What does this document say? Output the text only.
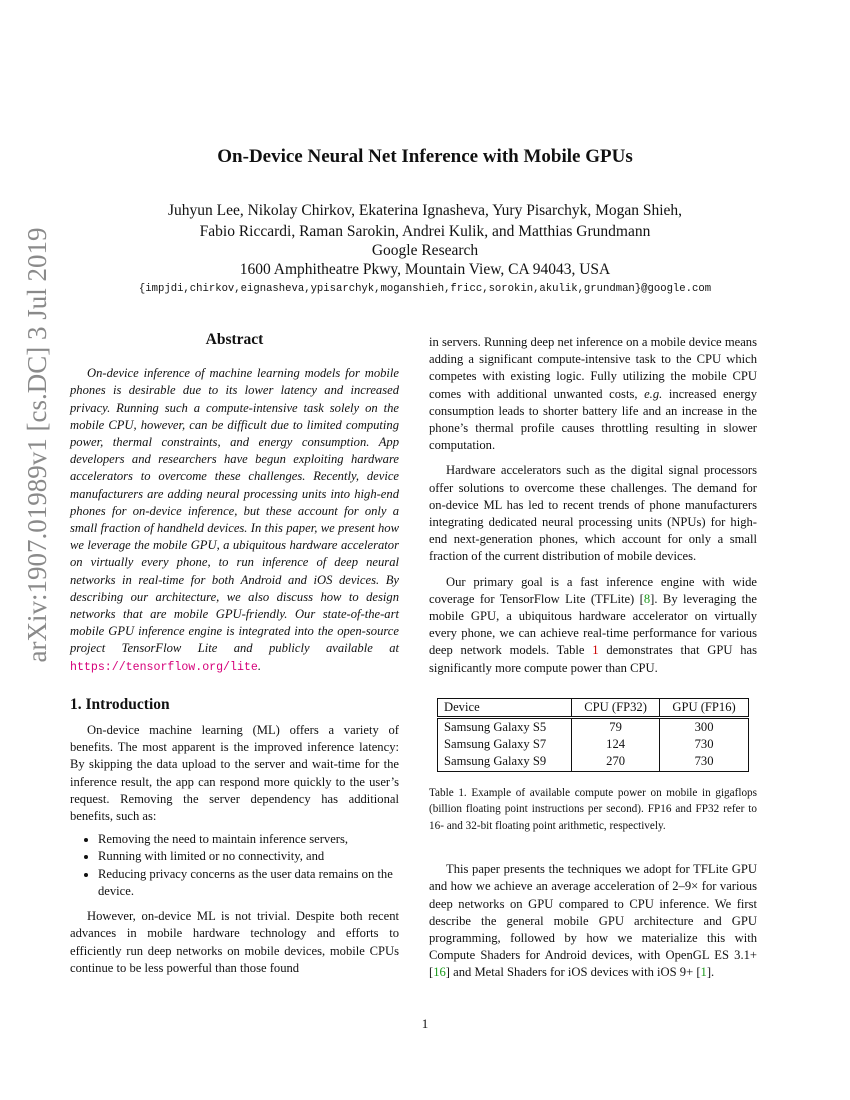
arXiv:1907.01989v1 [cs.DC] 3 Jul 2019
On-Device Neural Net Inference with Mobile GPUs
Juhyun Lee, Nikolay Chirkov, Ekaterina Ignasheva, Yury Pisarchyk, Mogan Shieh,
Fabio Riccardi, Raman Sarokin, Andrei Kulik, and Matthias Grundmann
Google Research
1600 Amphitheatre Pkwy, Mountain View, CA 94043, USA
{impjdi,chirkov,eignasheva,ypisarchyk,moganshieh,fricc,sorokin,akulik,grundman}@google.com
Abstract

On-device inference of machine learning models for mobile phones is desirable due to its lower latency and increased privacy. Running such a compute-intensive task solely on the mobile CPU, however, can be difficult due to limited computing power, thermal constraints, and energy consumption. App developers and researchers have begun exploiting hardware accelerators to overcome these challenges. Recently, device manufacturers are adding neural processing units into high-end phones for on-device inference, but these account for only a small fraction of handheld devices. In this paper, we present how we leverage the mobile GPU, a ubiquitous hardware accelerator on virtually every phone, to run inference of deep neural networks in real-time for both Android and iOS devices. By describing our architecture, we also discuss how to design networks that are mobile GPU-friendly. Our state-of-the-art mobile GPU inference engine is integrated into the open-source project TensorFlow Lite and publicly available at https://tensorflow.org/lite.

1. Introduction

On-device machine learning (ML) offers a variety of benefits. The most apparent is the improved inference latency: By skipping the data upload to the server and wait-time for the inference result, the app can respond more quickly to the user’s request. Removing the server dependency has additional benefits, such as:

• Removing the need to maintain inference servers,
• Running with limited or no connectivity, and
• Reducing privacy concerns as the user data remains on the device.

However, on-device ML is not trivial. Despite both recent advances in mobile hardware technology and efforts to efficiently run deep networks on mobile devices, mobile CPUs continue to be less powerful than those found

in servers. Running deep net inference on a mobile device means adding a significant compute-intensive task to the CPU which competes with existing logic. Fully utilizing the mobile CPU comes with additional unwanted costs, e.g. increased energy consumption leads to shorter battery life and an increase in the phone’s thermal profile causes throttling resulting in slower computation.

Hardware accelerators such as the digital signal processors offer solutions to overcome these challenges. The demand for on-device ML has led to recent trends of phone manufacturers integrating dedicated neural processing units (NPUs) for high-end next-generation phones, which account for only a small fraction of the current distribution of mobile devices.

Our primary goal is a fast inference engine with wide coverage for TensorFlow Lite (TFLite) [8]. By leveraging the mobile GPU, a ubiquitous hardware accelerator on virtually every phone, we can achieve real-time performance for various deep network models. Table 1 demonstrates that GPU has significantly more compute power than CPU.

Device	CPU (FP32)	GPU (FP16)
Samsung Galaxy S5	79	300
Samsung Galaxy S7	124	730
Samsung Galaxy S9	270	730
Table 1. Example of available compute power on mobile in gigaflops (billion floating point instructions per second). FP16 and FP32 refer to 16- and 32-bit floating point arithmetic, respectively.

This paper presents the techniques we adopt for TFLite GPU and how we achieve an average acceleration of 2–9× for various deep networks on GPU compared to CPU inference. We first describe the general mobile GPU architecture and GPU programming, followed by how we materialize this with Compute Shaders for Android devices, with OpenGL ES 3.1+ [16] and Metal Shaders for iOS devices with iOS 9+ [1].

1
